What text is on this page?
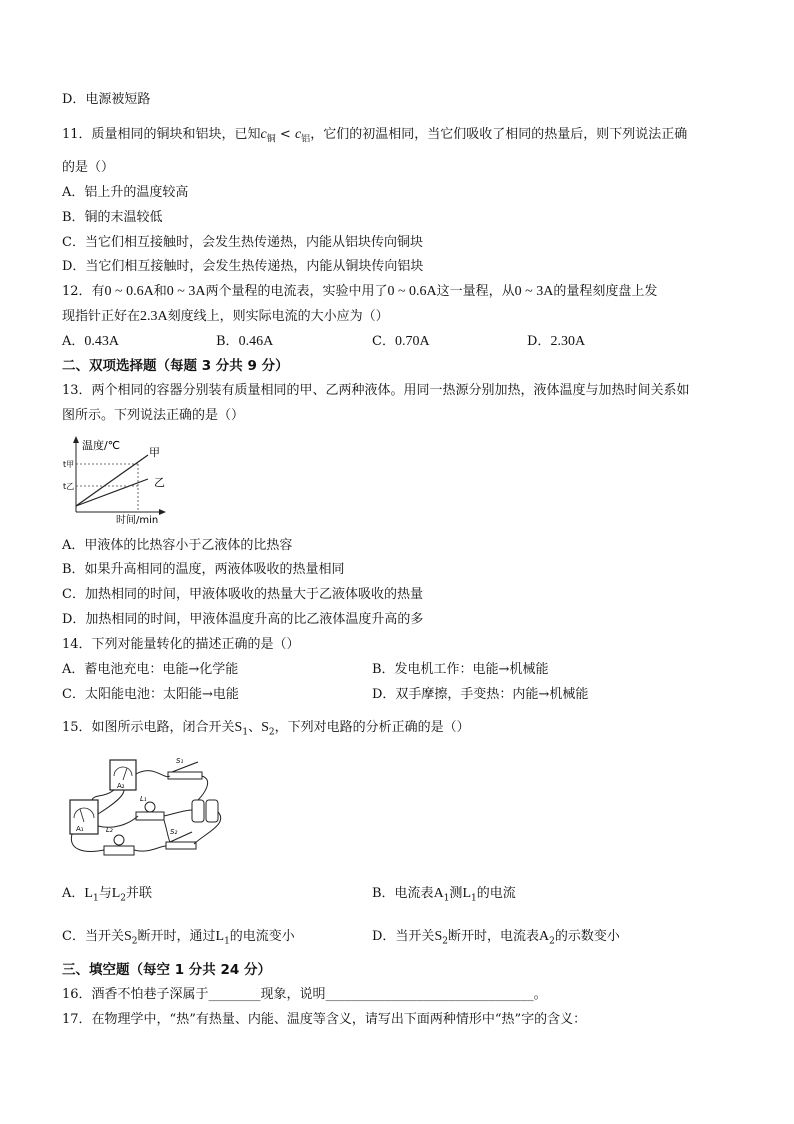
D．电源被短路
11．质量相同的铜块和铝块，已知$c_铜 < c_铝$，它们的初温相同，当它们吸收了相同的热量后，则下列说法正确
的是（）
A．铝上升的温度较高
B．铜的末温较低
C．当它们相互接触时，会发生热传递热，内能从铝块传向铜块
D．当它们相互接触时，会发生热传递热，内能从铜块传向铝块
12．有0 ~ 0.6A和0 ~ 3A两个量程的电流表，实验中用了0 ~ 0.6A这一量程，从0 ~ 3A的量程刻度盘上发
现指针正好在2.3A刻度线上，则实际电流的大小应为（）
A．0.43A	B．0.46A	C．0.70A	D．2.30A
二、双项选择题（每题 3 分共 9 分）
13．两个相同的容器分别装有质量相同的甲、乙两种液体。用同一热源分别加热，液体温度与加热时间关系如
图所示。下列说法正确的是（）
温度/℃
时间/min
t甲
t乙
甲
乙
A．甲液体的比热容小于乙液体的比热容
B．如果升高相同的温度，两液体吸收的热量相同
C．加热相同的时间，甲液体吸收的热量大于乙液体吸收的热量
D．加热相同的时间，甲液体温度升高的比乙液体温度升高的多
14．下列对能量转化的描述正确的是（）
A．蓄电池充电：电能→化学能	B．发电机工作：电能→机械能
C．太阳能电池：太阳能→电能	D．双手摩擦，手变热：内能→机械能
15．如图所示电路，闭合开关$S_1$、$S_2$，下列对电路的分析正确的是（）
A₂
A₁
S₁
L₁
S₂
L₂
A．$L_1$与$L_2$并联	B．电流表$A_1$测$L_1$的电流
C．当开关$S_2$断开时，通过$L_1$的电流变小	D．当开关$S_2$断开时，电流表$A_2$的示数变小
三、填空题（每空 1 分共 24 分）
16．酒香不怕巷子深属于________现象，说明________________________________。
17．在物理学中，“热”有热量、内能、温度等含义，请写出下面两种情形中“热”字的含义：
